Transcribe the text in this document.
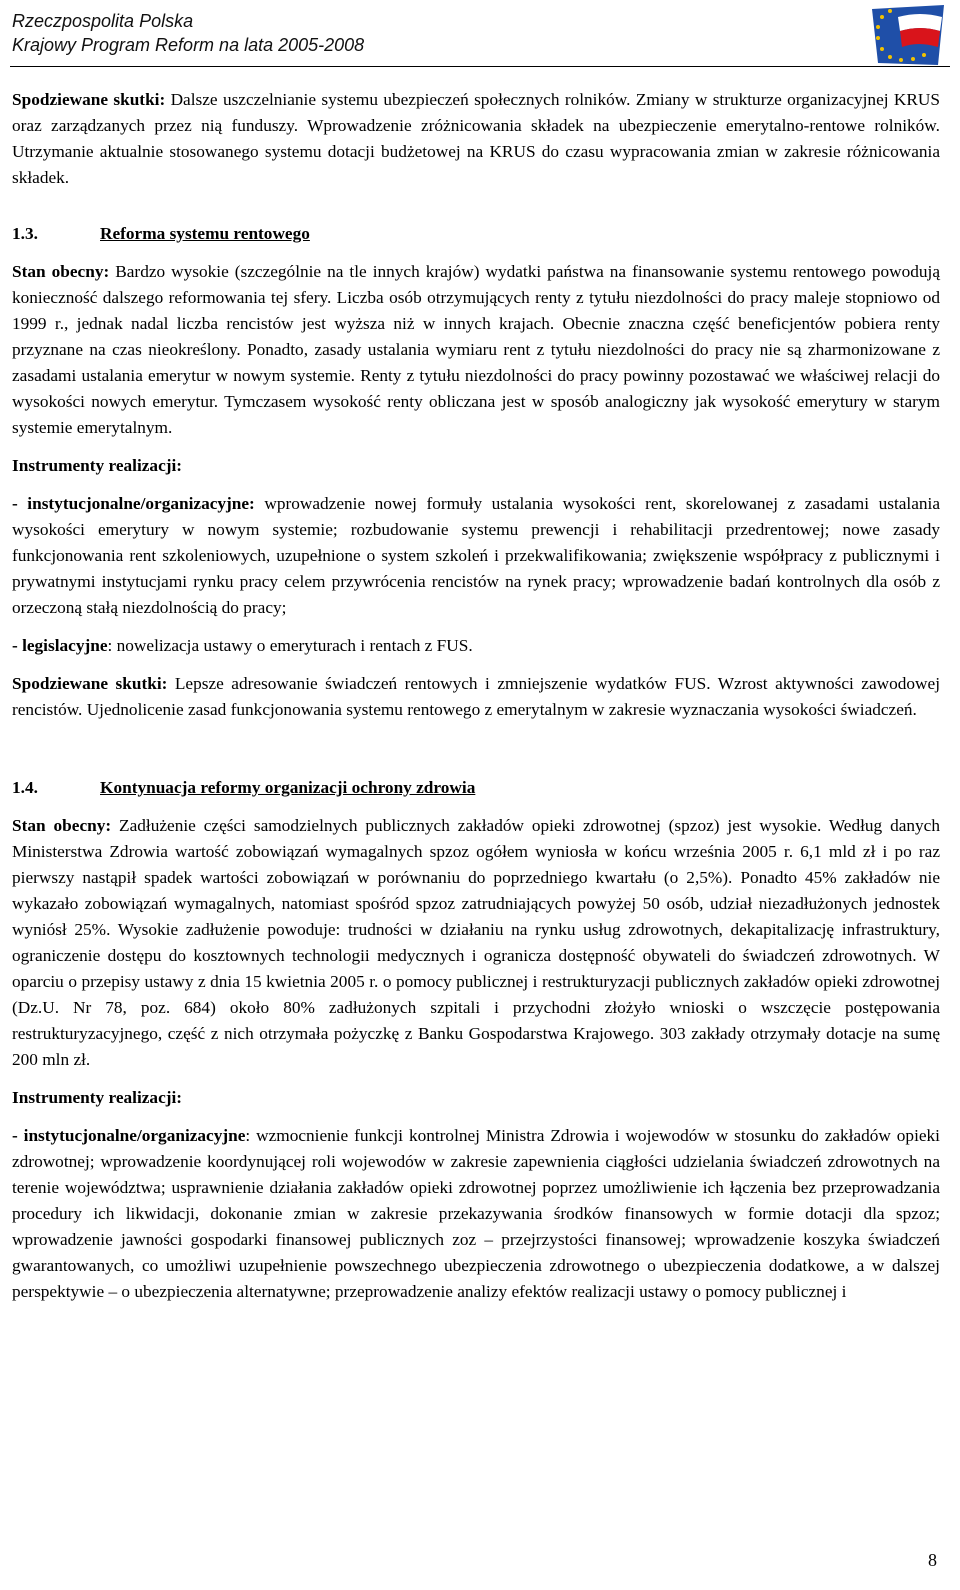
Rzeczpospolita Polska
Krajowy Program Reform na lata 2005-2008

Spodziewane skutki: Dalsze uszczelnianie systemu ubezpieczeń społecznych rolników. Zmiany w strukturze organizacyjnej KRUS oraz zarządzanych przez nią funduszy. Wprowadzenie zróżnicowania składek na ubezpieczenie emerytalno-rentowe rolników. Utrzymanie aktualnie stosowanego systemu dotacji budżetowej na KRUS do czasu wypracowania zmian w zakresie różnicowania składek.

1.3.	Reforma systemu rentowego

Stan obecny: Bardzo wysokie (szczególnie na tle innych krajów) wydatki państwa na finansowanie systemu rentowego powodują konieczność dalszego reformowania tej sfery. Liczba osób otrzymujących renty z tytułu niezdolności do pracy maleje stopniowo od 1999 r., jednak nadal liczba rencistów jest wyższa niż w innych krajach. Obecnie znaczna część beneficjentów pobiera renty przyznane na czas nieokreślony. Ponadto, zasady ustalania wymiaru rent z tytułu niezdolności do pracy nie są zharmonizowane z zasadami ustalania emerytur w nowym systemie. Renty z tytułu niezdolności do pracy powinny pozostawać we właściwej relacji do wysokości nowych emerytur. Tymczasem wysokość renty obliczana jest w sposób analogiczny jak wysokość emerytury w starym systemie emerytalnym.

Instrumenty realizacji:

- instytucjonalne/organizacyjne: wprowadzenie nowej formuły ustalania wysokości rent, skorelowanej z zasadami ustalania wysokości emerytury w nowym systemie; rozbudowanie systemu prewencji i rehabilitacji przedrentowej; nowe zasady funkcjonowania rent szkoleniowych, uzupełnione o system szkoleń i przekwalifikowania; zwiększenie współpracy z publicznymi i prywatnymi instytucjami rynku pracy celem przywrócenia rencistów na rynek pracy; wprowadzenie badań kontrolnych dla osób z orzeczoną stałą niezdolnością do pracy;

- legislacyjne: nowelizacja ustawy o emeryturach i rentach z FUS.

Spodziewane skutki: Lepsze adresowanie świadczeń rentowych i zmniejszenie wydatków FUS. Wzrost aktywności zawodowej rencistów. Ujednolicenie zasad funkcjonowania systemu rentowego z emerytalnym w zakresie wyznaczania wysokości świadczeń.

1.4.	Kontynuacja reformy organizacji ochrony zdrowia

Stan obecny: Zadłużenie części samodzielnych publicznych zakładów opieki zdrowotnej (spzoz) jest wysokie. Według danych Ministerstwa Zdrowia wartość zobowiązań wymagalnych spzoz ogółem wyniosła w końcu września 2005 r. 6,1 mld zł i po raz pierwszy nastąpił spadek wartości zobowiązań w porównaniu do poprzedniego kwartału (o 2,5%). Ponadto 45% zakładów nie wykazało zobowiązań wymagalnych, natomiast spośród spzoz zatrudniających powyżej 50 osób, udział niezadłużonych jednostek wyniósł 25%. Wysokie zadłużenie powoduje: trudności w działaniu na rynku usług zdrowotnych, dekapitalizację infrastruktury, ograniczenie dostępu do kosztownych technologii medycznych i ogranicza dostępność obywateli do świadczeń zdrowotnych. W oparciu o przepisy ustawy z dnia 15 kwietnia 2005 r. o pomocy publicznej i restrukturyzacji publicznych zakładów opieki zdrowotnej (Dz.U. Nr 78, poz. 684) około 80% zadłużonych szpitali i przychodni złożyło wnioski o wszczęcie postępowania restrukturyzacyjnego, część z nich otrzymała pożyczkę z Banku Gospodarstwa Krajowego. 303 zakłady otrzymały dotacje na sumę 200 mln zł.

Instrumenty realizacji:

- instytucjonalne/organizacyjne: wzmocnienie funkcji kontrolnej Ministra Zdrowia i wojewodów w stosunku do zakładów opieki zdrowotnej; wprowadzenie koordynującej roli wojewodów w zakresie zapewnienia ciągłości udzielania świadczeń zdrowotnych na terenie województwa; usprawnienie działania zakładów opieki zdrowotnej poprzez umożliwienie ich łączenia bez przeprowadzania procedury ich likwidacji, dokonanie zmian w zakresie przekazywania środków finansowych w formie dotacji dla spzoz; wprowadzenie jawności gospodarki finansowej publicznych zoz – przejrzystości finansowej; wprowadzenie koszyka świadczeń gwarantowanych, co umożliwi uzupełnienie powszechnego ubezpieczenia zdrowotnego o ubezpieczenia dodatkowe, a w dalszej perspektywie – o ubezpieczenia alternatywne; przeprowadzenie analizy efektów realizacji ustawy o pomocy publicznej i

8
